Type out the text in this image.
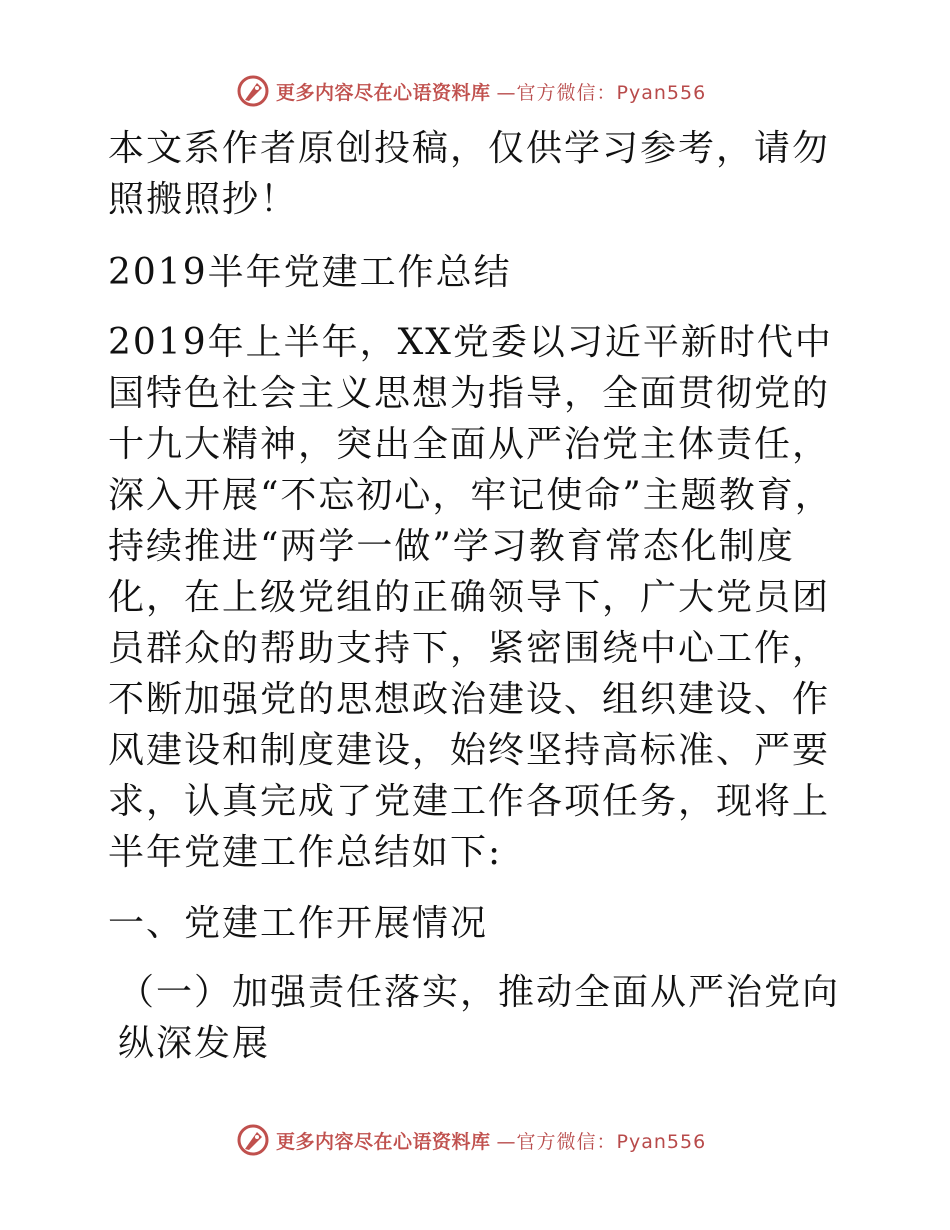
更多内容尽在心语资料库 —官方微信：Pyan556

本文系作者原创投稿，仅供学习参考，请勿照搬照抄！

2019半年党建工作总结

2019年上半年，XX党委以习近平新时代中国特色社会主义思想为指导，全面贯彻党的十九大精神，突出全面从严治党主体责任，深入开展“不忘初心，牢记使命”主题教育，持续推进“两学一做”学习教育常态化制度化，在上级党组的正确领导下，广大党员团员群众的帮助支持下，紧密围绕中心工作，不断加强党的思想政治建设、组织建设、作风建设和制度建设，始终坚持高标准、严要求，认真完成了党建工作各项任务，现将上半年党建工作总结如下:

一、党建工作开展情况

（一）加强责任落实，推动全面从严治党向纵深发展

更多内容尽在心语资料库 —官方微信：Pyan556
